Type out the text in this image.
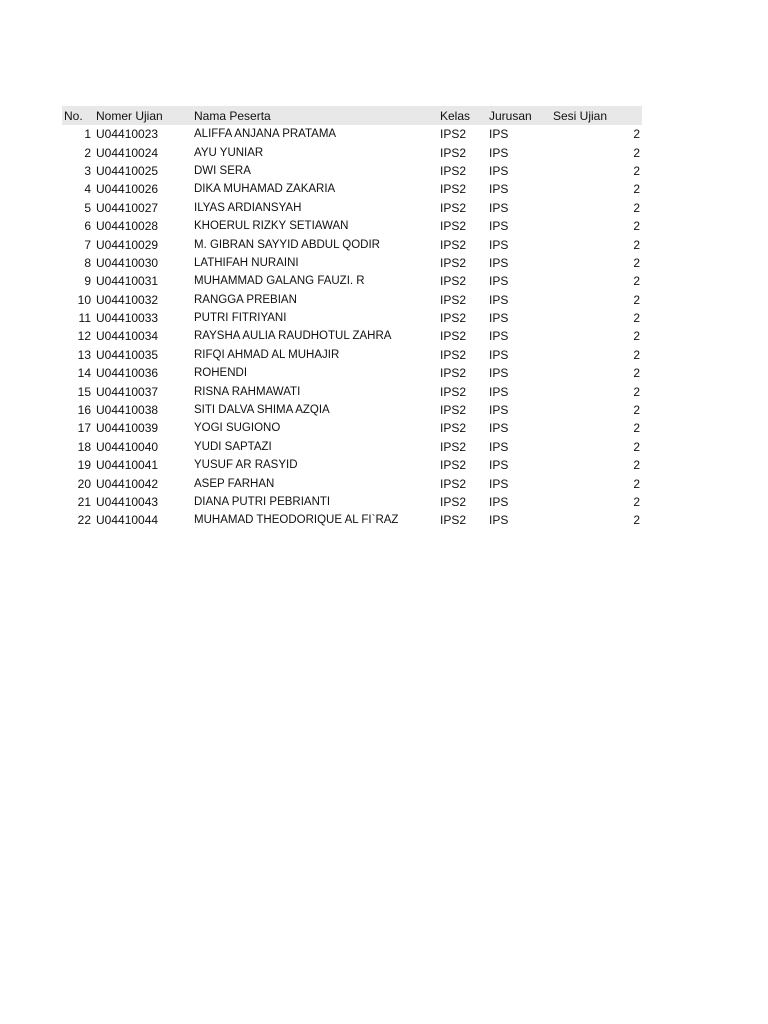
No.	Nomer Ujian	Nama Peserta	Kelas	Jurusan	Sesi Ujian
1	U04410023	ALIFFA ANJANA PRATAMA	IPS2	IPS	2
2	U04410024	AYU YUNIAR	IPS2	IPS	2
3	U04410025	DWI SERA	IPS2	IPS	2
4	U04410026	DIKA MUHAMAD ZAKARIA	IPS2	IPS	2
5	U04410027	ILYAS ARDIANSYAH	IPS2	IPS	2
6	U04410028	KHOERUL RIZKY SETIAWAN	IPS2	IPS	2
7	U04410029	M. GIBRAN SAYYID ABDUL QODIR	IPS2	IPS	2
8	U04410030	LATHIFAH NURAINI	IPS2	IPS	2
9	U04410031	MUHAMMAD GALANG FAUZI. R	IPS2	IPS	2
10	U04410032	RANGGA PREBIAN	IPS2	IPS	2
11	U04410033	PUTRI FITRIYANI	IPS2	IPS	2
12	U04410034	RAYSHA AULIA RAUDHOTUL ZAHRA	IPS2	IPS	2
13	U04410035	RIFQI AHMAD AL MUHAJIR	IPS2	IPS	2
14	U04410036	ROHENDI	IPS2	IPS	2
15	U04410037	RISNA RAHMAWATI	IPS2	IPS	2
16	U04410038	SITI DALVA SHIMA AZQIA	IPS2	IPS	2
17	U04410039	YOGI SUGIONO	IPS2	IPS	2
18	U04410040	YUDI SAPTAZI	IPS2	IPS	2
19	U04410041	YUSUF AR RASYID	IPS2	IPS	2
20	U04410042	ASEP FARHAN	IPS2	IPS	2
21	U04410043	DIANA PUTRI PEBRIANTI	IPS2	IPS	2
22	U04410044	MUHAMAD THEODORIQUE AL FI`RAZ	IPS2	IPS	2
